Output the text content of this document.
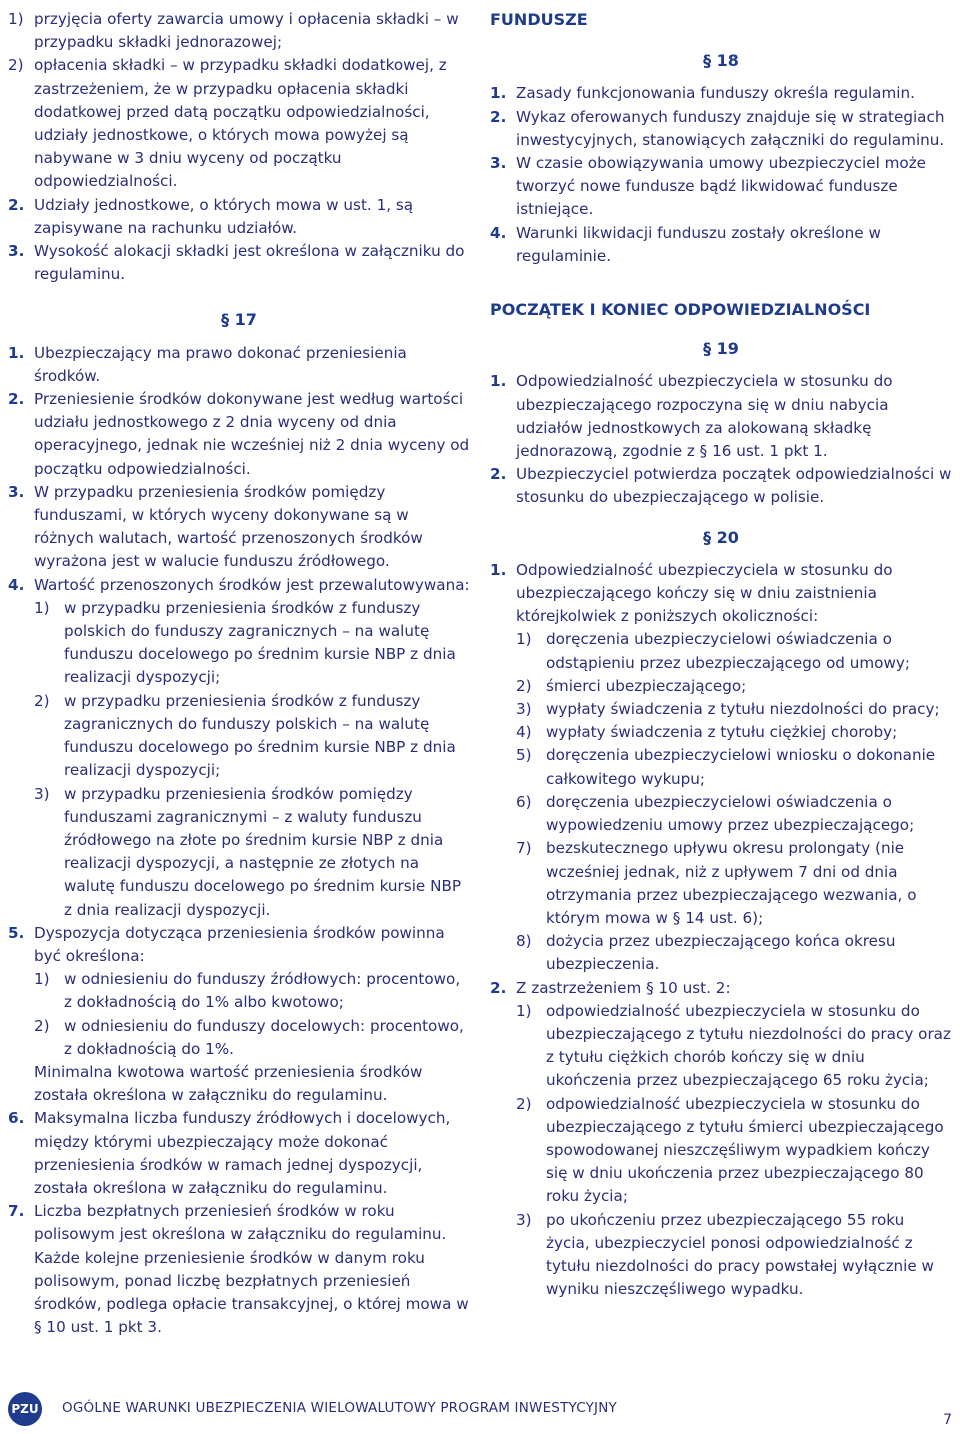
1) przyjęcia oferty zawarcia umowy i opłacenia składki – w przypadku składki jednorazowej;
2) opłacenia składki – w przypadku składki dodatkowej, z zastrzeżeniem, że w przypadku opłacenia składki dodatkowej przed datą początku odpowiedzialności, udziały jednostkowe, o których mowa powyżej są nabywane w 3 dniu wyceny od początku odpowiedzialności.
2. Udziały jednostkowe, o których mowa w ust. 1, są zapisywane na rachunku udziałów.
3. Wysokość alokacji składki jest określona w załączniku do regulaminu.
§ 17
1. Ubezpieczający ma prawo dokonać przeniesienia środków.
2. Przeniesienie środków dokonywane jest według wartości udziału jednostkowego z 2 dnia wyceny od dnia operacyjnego, jednak nie wcześniej niż 2 dnia wyceny od początku odpowiedzialności.
3. W przypadku przeniesienia środków pomiędzy funduszami, w których wyceny dokonywane są w różnych walutach, wartość przenoszonych środków wyrażona jest w walucie funduszu źródłowego.
4. Wartość przenoszonych środków jest przewalutowywana:
1) w przypadku przeniesienia środków z funduszy polskich do funduszy zagranicznych – na walutę funduszu docelowego po średnim kursie NBP z dnia realizacji dyspozycji;
2) w przypadku przeniesienia środków z funduszy zagranicznych do funduszy polskich – na walutę funduszu docelowego po średnim kursie NBP z dnia realizacji dyspozycji;
3) w przypadku przeniesienia środków pomiędzy funduszami zagranicznymi – z waluty funduszu źródłowego na złote po średnim kursie NBP z dnia realizacji dyspozycji, a następnie ze złotych na walutę funduszu docelowego po średnim kursie NBP z dnia realizacji dyspozycji.
5. Dyspozycja dotycząca przeniesienia środków powinna być określona:
1) w odniesieniu do funduszy źródłowych: procentowo, z dokładnością do 1% albo kwotowo;
2) w odniesieniu do funduszy docelowych: procentowo, z dokładnością do 1%.
Minimalna kwotowa wartość przeniesienia środków została określona w załączniku do regulaminu.
6. Maksymalna liczba funduszy źródłowych i docelowych, między którymi ubezpieczający może dokonać przeniesienia środków w ramach jednej dyspozycji, została określona w załączniku do regulaminu.
7. Liczba bezpłatnych przeniesień środków w roku polisowym jest określona w załączniku do regulaminu. Każde kolejne przeniesienie środków w danym roku polisowym, ponad liczbę bezpłatnych przeniesień środków, podlega opłacie transakcyjnej, o której mowa w § 10 ust. 1 pkt 3.
FUNDUSZE
§ 18
1. Zasady funkcjonowania funduszy określa regulamin.
2. Wykaz oferowanych funduszy znajduje się w strategiach inwestycyjnych, stanowiących załączniki do regulaminu.
3. W czasie obowiązywania umowy ubezpieczyciel może tworzyć nowe fundusze bądź likwidować fundusze istniejące.
4. Warunki likwidacji funduszu zostały określone w regulaminie.
POCZĄTEK I KONIEC ODPOWIEDZIALNOŚCI
§ 19
1. Odpowiedzialność ubezpieczyciela w stosunku do ubezpieczającego rozpoczyna się w dniu nabycia udziałów jednostkowych za alokowaną składkę jednorazową, zgodnie z § 16 ust. 1 pkt 1.
2. Ubezpieczyciel potwierdza początek odpowiedzialności w stosunku do ubezpieczającego w polisie.
§ 20
1. Odpowiedzialność ubezpieczyciela w stosunku do ubezpieczającego kończy się w dniu zaistnienia którejkolwiek z poniższych okoliczności:
1) doręczenia ubezpieczycielowi oświadczenia o odstąpieniu przez ubezpieczającego od umowy;
2) śmierci ubezpieczającego;
3) wypłaty świadczenia z tytułu niezdolności do pracy;
4) wypłaty świadczenia z tytułu ciężkiej choroby;
5) doręczenia ubezpieczycielowi wniosku o dokonanie całkowitego wykupu;
6) doręczenia ubezpieczycielowi oświadczenia o wypowiedzeniu umowy przez ubezpieczającego;
7) bezskutecznego upływu okresu prolongaty (nie wcześniej jednak, niż z upływem 7 dni od dnia otrzymania przez ubezpieczającego wezwania, o którym mowa w § 14 ust. 6);
8) dożycia przez ubezpieczającego końca okresu ubezpieczenia.
2. Z zastrzeżeniem § 10 ust. 2:
1) odpowiedzialność ubezpieczyciela w stosunku do ubezpieczającego z tytułu niezdolności do pracy oraz z tytułu ciężkich chorób kończy się w dniu ukończenia przez ubezpieczającego 65 roku życia;
2) odpowiedzialność ubezpieczyciela w stosunku do ubezpieczającego z tytułu śmierci ubezpieczającego spowodowanej nieszczęśliwym wypadkiem kończy się w dniu ukończenia przez ubezpieczającego 80 roku życia;
3) po ukończeniu przez ubezpieczającego 55 roku życia, ubezpieczyciel ponosi odpowiedzialność z tytułu niezdolności do pracy powstałej wyłącznie w wyniku nieszczęśliwego wypadku.
PZU OGÓLNE WARUNKI UBEZPIECZENIA WIELOWALUTOWY PROGRAM INWESTYCYJNY
7
